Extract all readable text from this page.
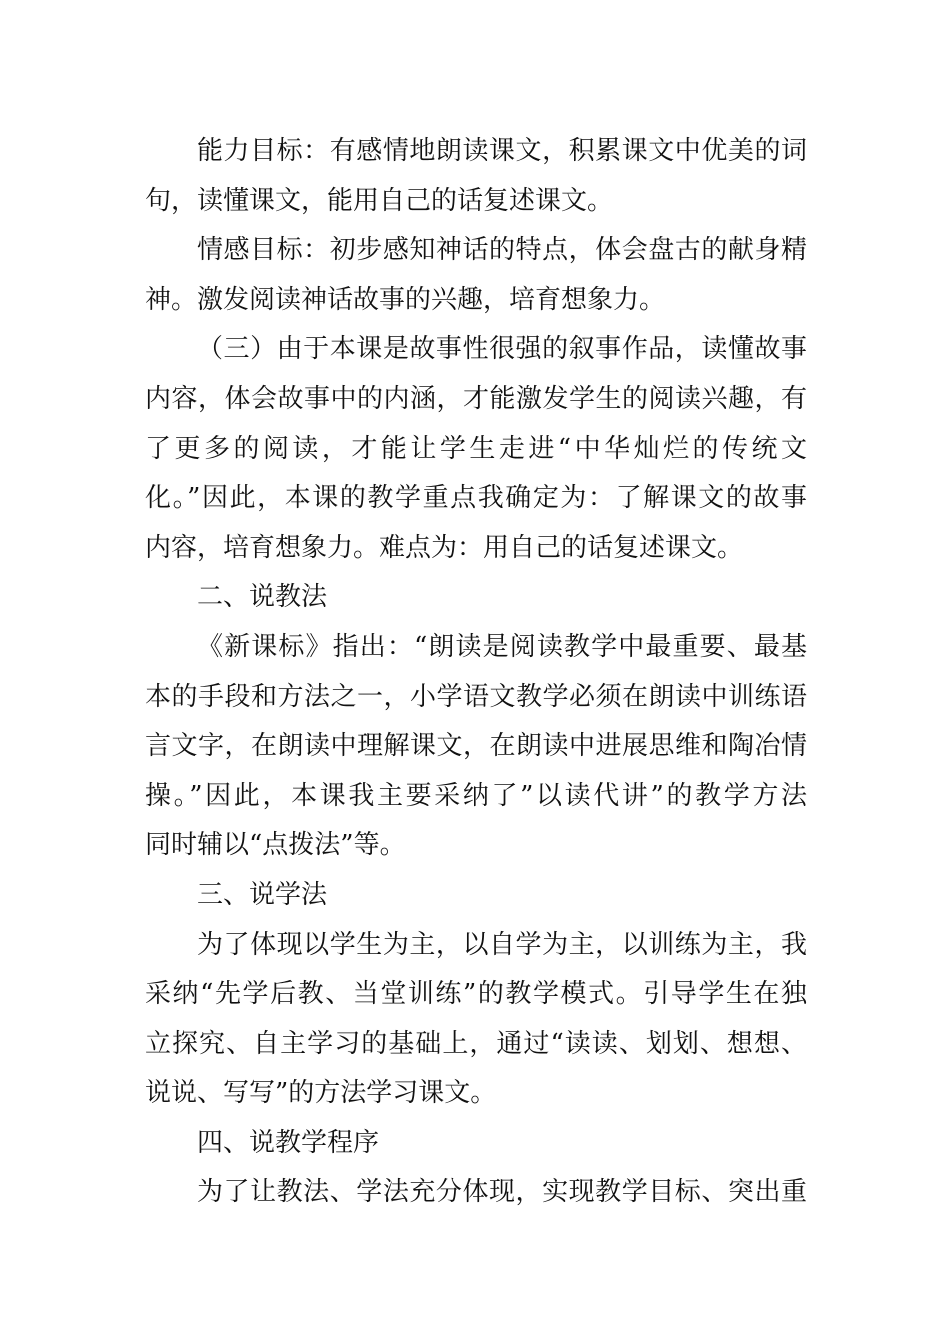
能力目标：有感情地朗读课文，积累课文中优美的词
句，读懂课文，能用自己的话复述课文。
情感目标：初步感知神话的特点，体会盘古的献身精
神。激发阅读神话故事的兴趣，培育想象力。
（三）由于本课是故事性很强的叙事作品，读懂故事
内容，体会故事中的内涵，才能激发学生的阅读兴趣，有
了更多的阅读，才能让学生走进“中华灿烂的传统文
化。”因此，本课的教学重点我确定为：了解课文的故事
内容，培育想象力。难点为：用自己的话复述课文。
二、说教法
《新课标》指出：“朗读是阅读教学中最重要、最基
本的手段和方法之一，小学语文教学必须在朗读中训练语
言文字，在朗读中理解课文，在朗读中进展思维和陶冶情
操。”因此，本课我主要采纳了”以读代讲”的教学方法
同时辅以“点拨法”等。
三、说学法
为了体现以学生为主，以自学为主，以训练为主，我
采纳“先学后教、当堂训练”的教学模式。引导学生在独
立探究、自主学习的基础上，通过“读读、划划、想想、
说说、写写”的方法学习课文。
四、说教学程序
为了让教法、学法充分体现，实现教学目标、突出重
